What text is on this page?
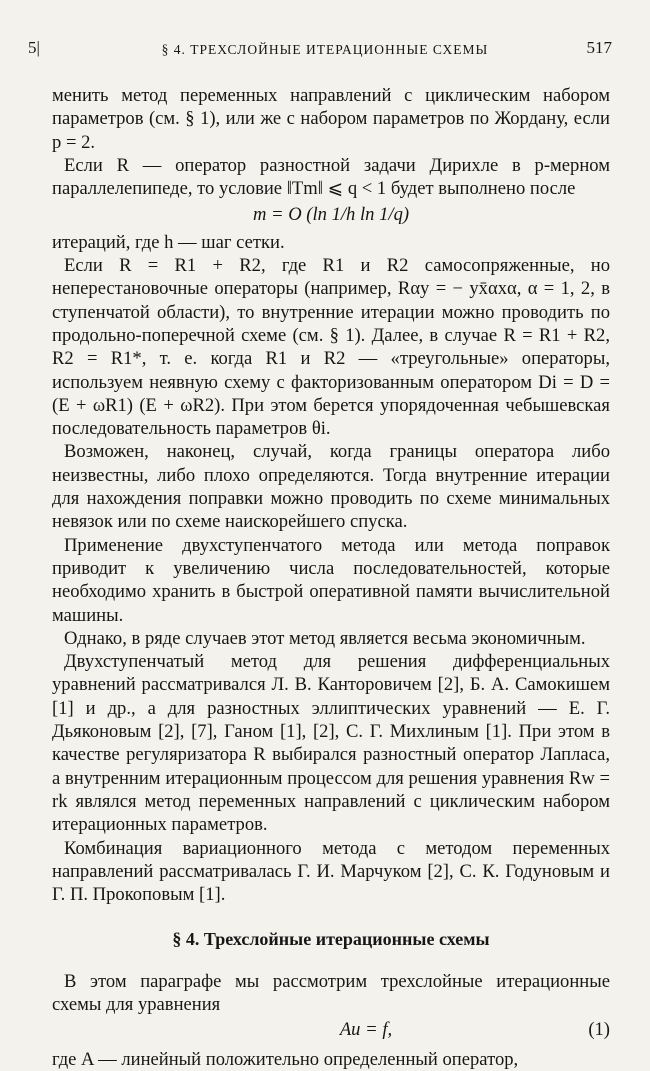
5|	§ 4. ТРЕХСЛОЙНЫЕ ИТЕРАЦИОННЫЕ СХЕМЫ	517

менить метод переменных направлений с циклическим набором параметров (см. § 1), или же с набором параметров по Жордану, если p = 2.

Если R — оператор разностной задачи Дирихле в p-мерном параллелепипеде, то условие ‖Tm‖ ⩽ q < 1 будет выполнено после

m = O (ln 1/h ln 1/q)

итераций, где h — шаг сетки.

Если R = R1 + R2, где R1 и R2 самосопряженные, но неперестановочные операторы (например, Rαy = − yx̄αxα, α = 1, 2, в ступенчатой области), то внутренние итерации можно проводить по продольно-поперечной схеме (см. § 1). Далее, в случае R = R1 + R2, R2 = R1*, т. е. когда R1 и R2 — «треугольные» операторы, используем неявную схему с факторизованным оператором Di = D = (E + ωR1) (E + ωR2). При этом берется упорядоченная чебышевская последовательность параметров θi.

Возможен, наконец, случай, когда границы оператора либо неизвестны, либо плохо определяются. Тогда внутренние итерации для нахождения поправки можно проводить по схеме минимальных невязок или по схеме наискорейшего спуска.

Применение двухступенчатого метода или метода поправок приводит к увеличению числа последовательностей, которые необходимо хранить в быстрой оперативной памяти вычислительной машины.

Однако, в ряде случаев этот метод является весьма экономичным.

Двухступенчатый метод для решения дифференциальных уравнений рассматривался Л. В. Канторовичем [2], Б. А. Самокишем [1] и др., а для разностных эллиптических уравнений — Е. Г. Дьяконовым [2], [7], Ганом [1], [2], С. Г. Михлиным [1]. При этом в качестве регуляризатора R выбирался разностный оператор Лапласа, а внутренним итерационным процессом для решения уравнения Rw = rk являлся метод переменных направлений с циклическим набором итерационных параметров.

Комбинация вариационного метода с методом переменных направлений рассматривалась Г. И. Марчуком [2], С. К. Годуновым и Г. П. Прокоповым [1].

§ 4. Трехслойные итерационные схемы

В этом параграфе мы рассмотрим трехслойные итерационные схемы для уравнения

Au = f,	(1)

где A — линейный положительно определенный оператор,
